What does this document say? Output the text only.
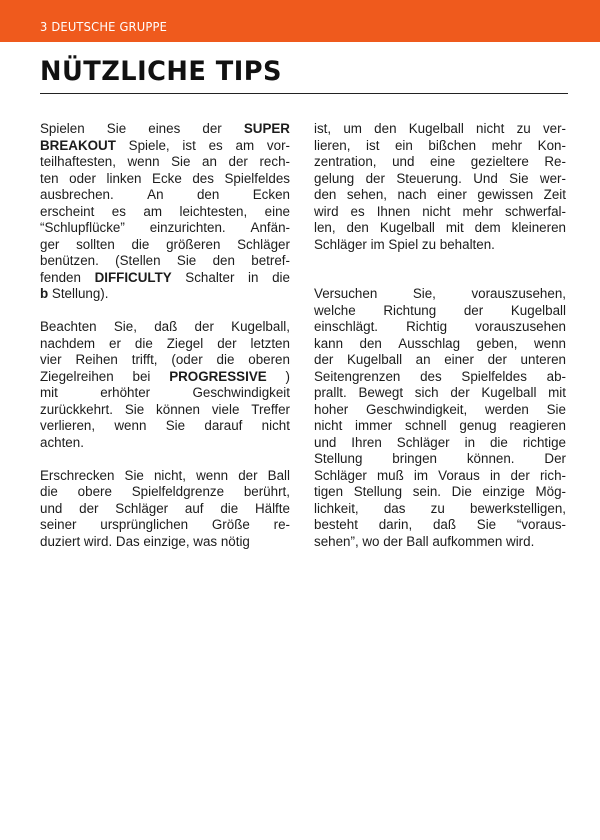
3 DEUTSCHE GRUPPE
NÜTZLICHE TIPS
Spielen Sie eines der SUPER
BREAKOUT Spiele, ist es am vor-
teilhaftesten, wenn Sie an der rech-
ten oder linken Ecke des Spielfeldes
ausbrechen. An den Ecken
erscheint es am leichtesten, eine
“Schlupflücke” einzurichten. Anfän-
ger sollten die größeren Schläger
benützen. (Stellen Sie den betref-
fenden DIFFICULTY Schalter in die
b Stellung).
Beachten Sie, daß der Kugelball,
nachdem er die Ziegel der letzten
vier Reihen trifft, (oder die oberen
Ziegelreihen bei PROGRESSIVE )
mit	erhöhter	Geschwindigkeit
zurückkehrt. Sie können viele Treffer
verlieren, wenn Sie darauf nicht
achten.
Erschrecken Sie nicht, wenn der Ball
die obere Spielfeldgrenze berührt,
und der Schläger auf die Hälfte
seiner ursprünglichen Größe re-
duziert wird. Das einzige, was nötig
ist, um den Kugelball nicht zu ver-
lieren, ist ein bißchen mehr Kon-
zentration, und eine gezieltere Re-
gelung der Steuerung. Und Sie wer-
den sehen, nach einer gewissen Zeit
wird es Ihnen nicht mehr schwerfal-
len, den Kugelball mit dem kleineren
Schläger im Spiel zu behalten.
Versuchen	Sie,	vorauszusehen,
welche Richtung der Kugelball
einschlägt. Richtig vorauszusehen
kann den Ausschlag geben, wenn
der Kugelball an einer der unteren
Seitengrenzen des Spielfeldes ab-
prallt. Bewegt sich der Kugelball mit
hoher Geschwindigkeit, werden Sie
nicht immer schnell genug reagieren
und Ihren Schläger in die richtige
Stellung bringen können. Der
Schläger muß im Voraus in der rich-
tigen Stellung sein. Die einzige Mög-
lichkeit, das zu bewerkstelligen,
besteht darin, daß Sie “voraus-
sehen”, wo der Ball aufkommen wird.
